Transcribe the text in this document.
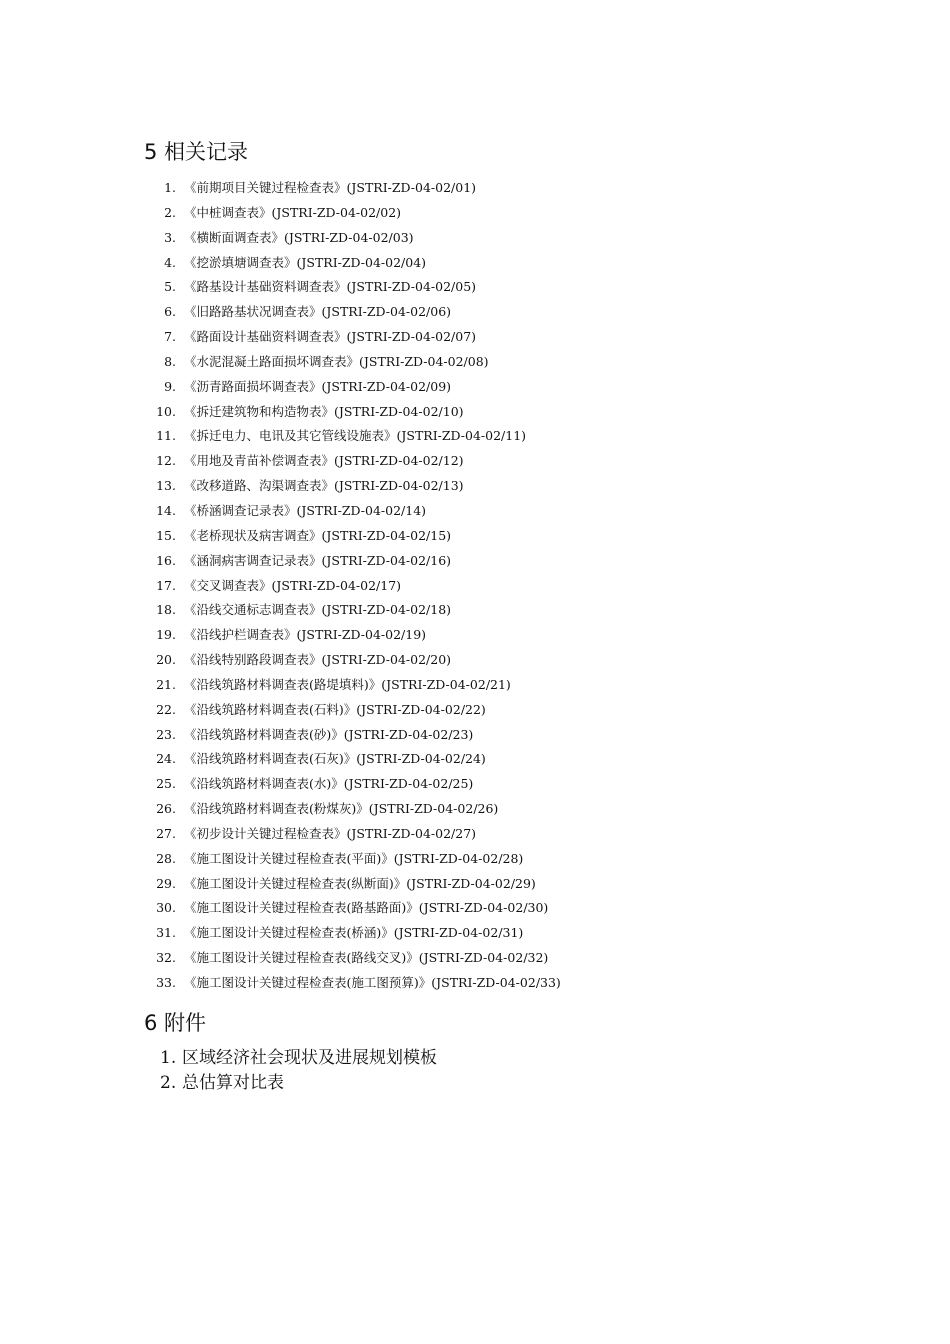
5 相关记录
1. 《前期项目关键过程检查表》(JSTRI-ZD-04-02/01)
2. 《中桩调查表》(JSTRI-ZD-04-02/02)
3. 《横断面调查表》(JSTRI-ZD-04-02/03)
4. 《挖淤填塘调查表》(JSTRI-ZD-04-02/04)
5. 《路基设计基础资料调查表》(JSTRI-ZD-04-02/05)
6. 《旧路路基状况调查表》(JSTRI-ZD-04-02/06)
7. 《路面设计基础资料调查表》(JSTRI-ZD-04-02/07)
8. 《水泥混凝土路面损坏调查表》(JSTRI-ZD-04-02/08)
9. 《沥青路面损坏调查表》(JSTRI-ZD-04-02/09)
10. 《拆迁建筑物和构造物表》(JSTRI-ZD-04-02/10)
11. 《拆迁电力、电讯及其它管线设施表》(JSTRI-ZD-04-02/11)
12. 《用地及青苗补偿调查表》(JSTRI-ZD-04-02/12)
13. 《改移道路、沟渠调查表》(JSTRI-ZD-04-02/13)
14. 《桥涵调查记录表》(JSTRI-ZD-04-02/14)
15. 《老桥现状及病害调查》(JSTRI-ZD-04-02/15)
16. 《涵洞病害调查记录表》(JSTRI-ZD-04-02/16)
17. 《交叉调查表》(JSTRI-ZD-04-02/17)
18. 《沿线交通标志调查表》(JSTRI-ZD-04-02/18)
19. 《沿线护栏调查表》(JSTRI-ZD-04-02/19)
20. 《沿线特别路段调查表》(JSTRI-ZD-04-02/20)
21. 《沿线筑路材料调查表(路堤填料)》(JSTRI-ZD-04-02/21)
22. 《沿线筑路材料调查表(石料)》(JSTRI-ZD-04-02/22)
23. 《沿线筑路材料调查表(砂)》(JSTRI-ZD-04-02/23)
24. 《沿线筑路材料调查表(石灰)》(JSTRI-ZD-04-02/24)
25. 《沿线筑路材料调查表(水)》(JSTRI-ZD-04-02/25)
26. 《沿线筑路材料调查表(粉煤灰)》(JSTRI-ZD-04-02/26)
27. 《初步设计关键过程检查表》(JSTRI-ZD-04-02/27)
28. 《施工图设计关键过程检查表(平面)》(JSTRI-ZD-04-02/28)
29. 《施工图设计关键过程检查表(纵断面)》(JSTRI-ZD-04-02/29)
30. 《施工图设计关键过程检查表(路基路面)》(JSTRI-ZD-04-02/30)
31. 《施工图设计关键过程检查表(桥涵)》(JSTRI-ZD-04-02/31)
32. 《施工图设计关键过程检查表(路线交叉)》(JSTRI-ZD-04-02/32)
33. 《施工图设计关键过程检查表(施工图预算)》(JSTRI-ZD-04-02/33)
6 附件
1. 区域经济社会现状及进展规划模板
2. 总估算对比表
